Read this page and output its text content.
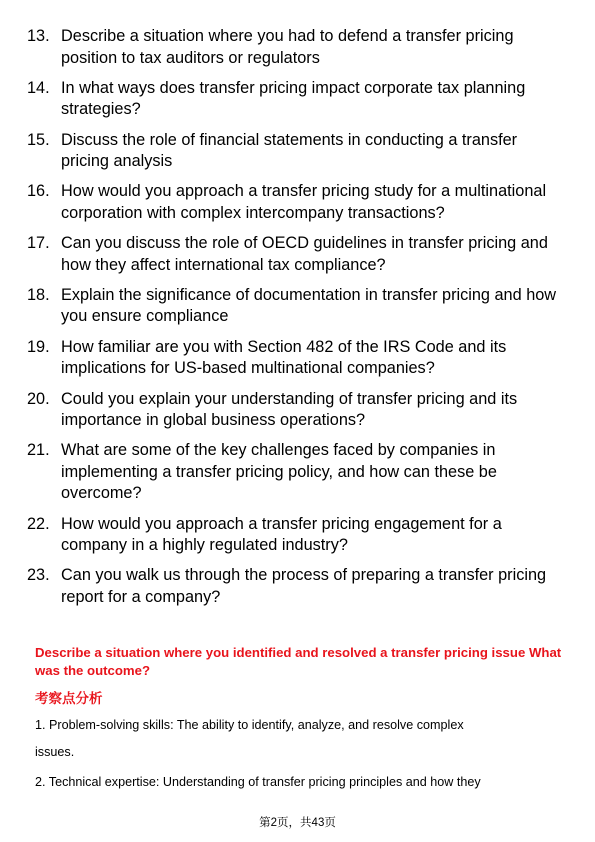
13. Describe a situation where you had to defend a transfer pricing position to tax auditors or regulators
14. In what ways does transfer pricing impact corporate tax planning strategies?
15. Discuss the role of financial statements in conducting a transfer pricing analysis
16. How would you approach a transfer pricing study for a multinational corporation with complex intercompany transactions?
17. Can you discuss the role of OECD guidelines in transfer pricing and how they affect international tax compliance?
18. Explain the significance of documentation in transfer pricing and how you ensure compliance
19. How familiar are you with Section 482 of the IRS Code and its implications for US-based multinational companies?
20. Could you explain your understanding of transfer pricing and its importance in global business operations?
21. What are some of the key challenges faced by companies in implementing a transfer pricing policy, and how can these be overcome?
22. How would you approach a transfer pricing engagement for a company in a highly regulated industry?
23. Can you walk us through the process of preparing a transfer pricing report for a company?
Describe a situation where you identified and resolved a transfer pricing issue What was the outcome?
考察点分析
1. Problem-solving skills: The ability to identify, analyze, and resolve complex
issues.
2. Technical expertise: Understanding of transfer pricing principles and how they
第2页，共43页
